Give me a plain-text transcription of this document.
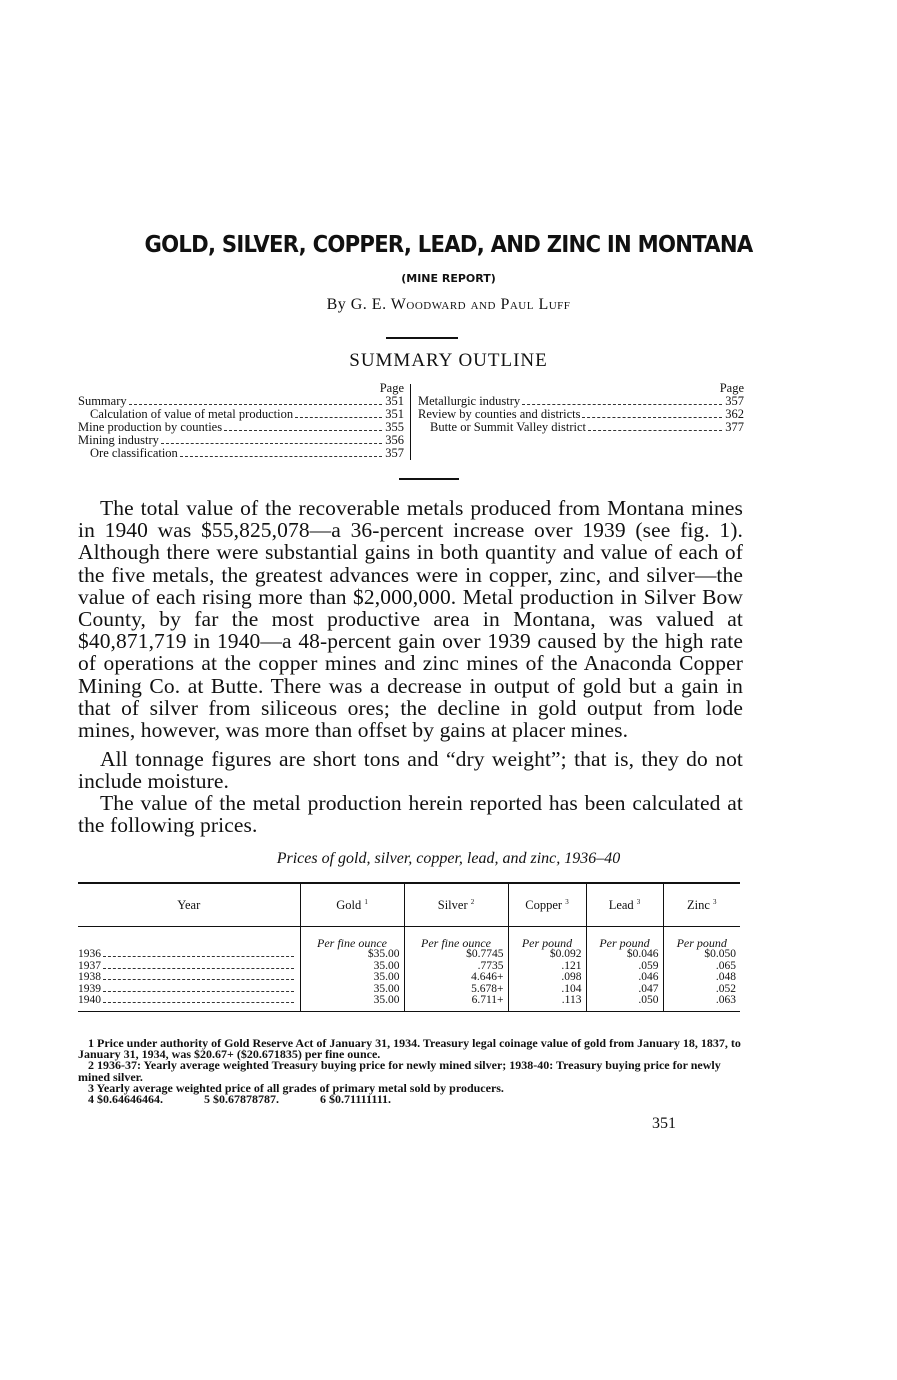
GOLD, SILVER, COPPER, LEAD, AND ZINC IN MONTANA
(MINE REPORT)
By G. E. Woodward and Paul Luff
SUMMARY OUTLINE
Page
Summary	351
Calculation of value of metal production	351
Mine production by counties	355
Mining industry	356
Ore classification	357
Page
Metallurgic industry	357
Review by counties and districts	362
Butte or Summit Valley district	377

The total value of the recoverable metals produced from Montana mines in 1940 was $55,825,078—a 36-percent increase over 1939 (see fig. 1). Although there were substantial gains in both quantity and value of each of the five metals, the greatest advances were in copper, zinc, and silver—the value of each rising more than $2,000,000. Metal production in Silver Bow County, by far the most productive area in Montana, was valued at $40,871,719 in 1940—a 48-percent gain over 1939 caused by the high rate of operations at the copper mines and zinc mines of the Anaconda Copper Mining Co. at Butte. There was a decrease in output of gold but a gain in that of silver from siliceous ores; the decline in gold output from lode mines, however, was more than offset by gains at placer mines.

All tonnage figures are short tons and “dry weight”; that is, they do not include moisture.

The value of the metal production herein reported has been calculated at the following prices.

Prices of gold, silver, copper, lead, and zinc, 1936–40
Year	Gold $^1$	Silver $^2$	Copper $^3$	Lead $^3$	Zinc $^3$
	Per fine ounce	Per fine ounce	Per pound	Per pound	Per pound

1936	$35.00	$0.7745	$0.092	$0.046	$0.050

1937	35.00	.7735	.121	.059	.065

1938	35.00	4.646+	.098	.046	.048

1939	35.00	5.678+	.104	.047	.052

1940	35.00	6.711+	.113	.050	.063

1 Price under authority of Gold Reserve Act of January 31, 1934. Treasury legal coinage value of gold from January 18, 1837, to January 31, 1934, was $20.67+ ($20.671835) per fine ounce.

2 1936-37: Yearly average weighted Treasury buying price for newly mined silver; 1938-40: Treasury buying price for newly mined silver.

3 Yearly average weighted price of all grades of primary metal sold by producers.

4 $0.64646464.	5 $0.67878787.	6 $0.71111111.

351
